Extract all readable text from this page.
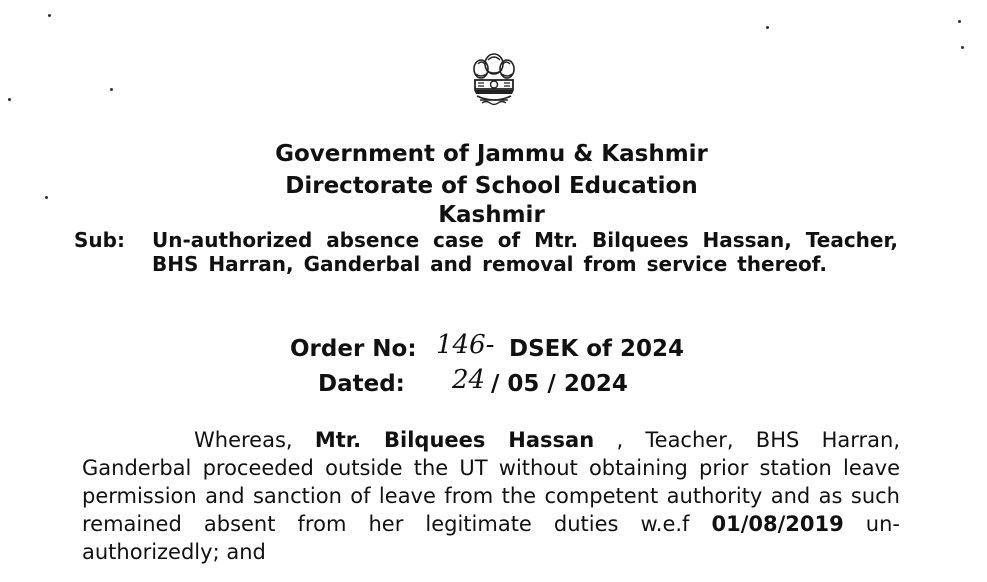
Government of Jammu & Kashmir
Directorate of School Education
Kashmir
Sub: Un-authorized absence case of Mtr. Bilquees Hassan, Teacher, BHS Harran, Ganderbal and removal from service thereof.
Order No: 146- DSEK of 2024
Dated: 24 / 05 / 2024
Whereas, Mtr. Bilquees Hassan , Teacher, BHS Harran, Ganderbal proceeded outside the UT without obtaining prior station leave permission and sanction of leave from the competent authority and as such remained absent from her legitimate duties w.e.f 01/08/2019 un-authorizedly; and
